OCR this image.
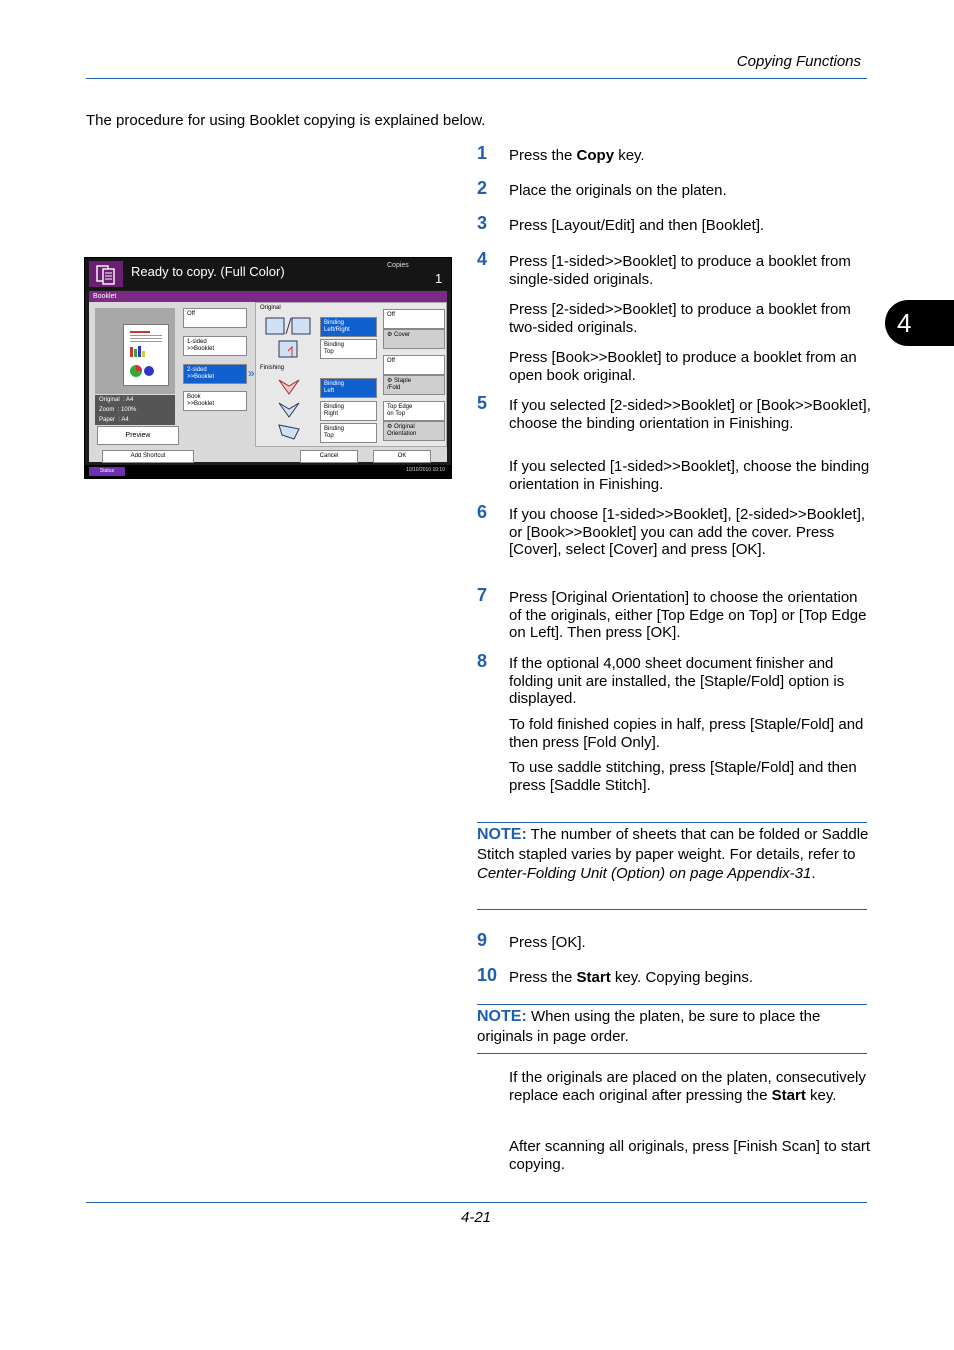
Copying Functions
4
The procedure for using Booklet copying is explained below.
Ready to copy. (Full Color)	Copies
1
Booklet
Original  : A4
Zoom  : 100%
Paper  : A4
Preview
Off
1-sided
>>Booklet
2-sided
>>Booklet
Book
>>Booklet
»
Original
Binding
Left/Right
Binding
Top
Finishing
Binding
Left
Binding
Right
Binding
Top
Off
⚙ Cover
Off
⚙ Staple
/Fold
Top Edge
on Top
⚙ Original
Orientation
Add Shortcut	Cancel	OK
Status	10/10/2010 10:10
1 Press the Copy key.
2 Place the originals on the platen.
3 Press [Layout/Edit] and then [Booklet].
4 Press [1-sided>>Booklet] to produce a booklet from single-sided originals.
Press [2-sided>>Booklet] to produce a booklet from two-sided originals.
Press [Book>>Booklet] to produce a booklet from an open book original.
5 If you selected [2-sided>>Booklet] or [Book>>Booklet], choose the binding orientation in Finishing.
If you selected [1-sided>>Booklet], choose the binding orientation in Finishing.
6 If you choose [1-sided>>Booklet], [2-sided>>Booklet], or [Book>>Booklet] you can add the cover. Press [Cover], select [Cover] and press [OK].
7 Press [Original Orientation] to choose the orientation of the originals, either [Top Edge on Top] or [Top Edge on Left]. Then press [OK].
8 If the optional 4,000 sheet document finisher and folding unit are installed, the [Staple/Fold] option is displayed.
To fold finished copies in half, press [Staple/Fold] and then press [Fold Only].
To use saddle stitching, press [Staple/Fold] and then press [Saddle Stitch].
9 Press [OK].
10 Press the Start key. Copying begins.
NOTE: The number of sheets that can be folded or Saddle Stitch stapled varies by paper weight. For details, refer to Center-Folding Unit (Option) on page Appendix-31.
NOTE: When using the platen, be sure to place the originals in page order.
If the originals are placed on the platen, consecutively replace each original after pressing the Start key.
After scanning all originals, press [Finish Scan] to start copying.
4-21
